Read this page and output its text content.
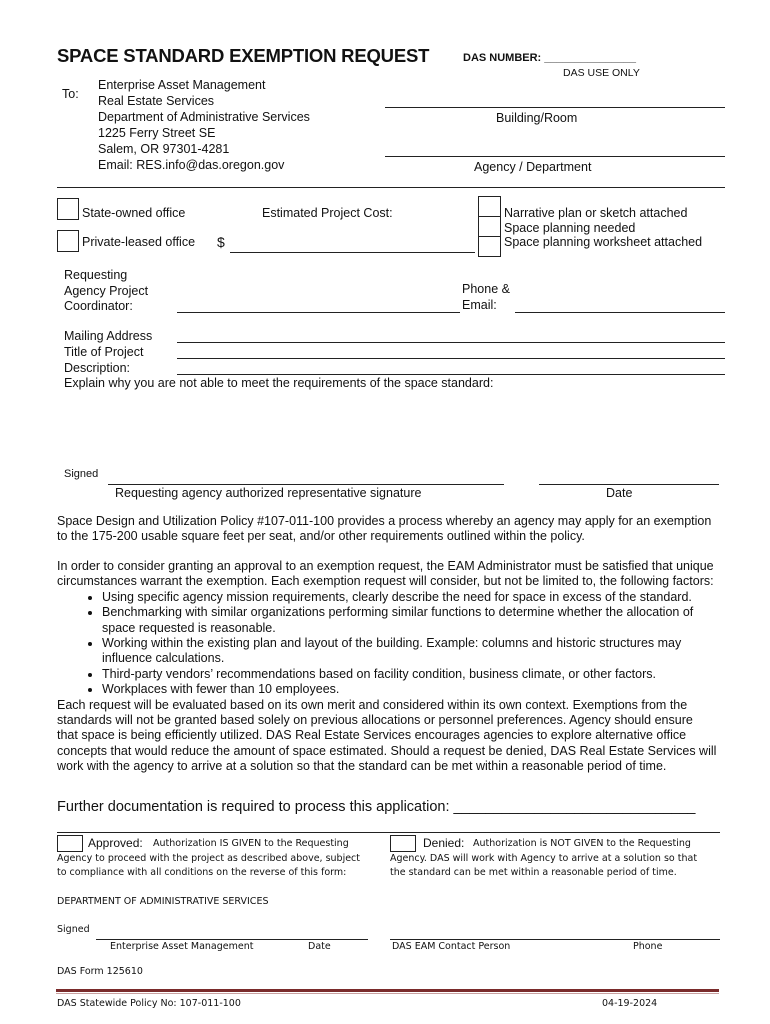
SPACE STANDARD EXEMPTION REQUEST	DAS NUMBER: _______________
DAS USE ONLY
To:
Enterprise Asset Management
Real Estate Services
Department of Administrative Services
1225 Ferry Street SE
Salem, OR 97301-4281
Email: RES.info@das.oregon.gov
Building/Room
Agency / Department
State-owned office
Private-leased office
Estimated Project Cost:
$
Narrative plan or sketch attached
Space planning needed
Space planning worksheet attached
Requesting
Agency Project
Coordinator:
Phone &
Email:
Mailing Address
Title of Project
Description:
Explain why you are not able to meet the requirements of the space standard:
Signed
Requesting agency authorized representative signature	Date
Space Design and Utilization Policy #107-011-100 provides a process whereby an agency may apply for an exemption to the 175-200 usable square feet per seat, and/or other requirements outlined within the policy.
In order to consider granting an approval to an exemption request, the EAM Administrator must be satisfied that unique circumstances warrant the exemption. Each exemption request will consider, but not be limited to, the following factors:
• Using specific agency mission requirements, clearly describe the need for space in excess of the standard.
• Benchmarking with similar organizations performing similar functions to determine whether the allocation of space requested is reasonable.
• Working within the existing plan and layout of the building. Example: columns and historic structures may influence calculations.
• Third-party vendors’ recommendations based on facility condition, business climate, or other factors.
• Workplaces with fewer than 10 employees.
Each request will be evaluated based on its own merit and considered within its own context. Exemptions from the standards will not be granted based solely on previous allocations or personnel preferences. Agency should ensure that space is being efficiently utilized. DAS Real Estate Services encourages agencies to explore alternative office concepts that would reduce the amount of space estimated. Should a request be denied, DAS Real Estate Services will work with the agency to arrive at a solution so that the standard can be met within a reasonable period of time.
Further documentation is required to process this application: ______________________________
Approved: Authorization IS GIVEN to the Requesting
Agency to proceed with the project as described above, subject
to compliance with all conditions on the reverse of this form:
Denied: Authorization is NOT GIVEN to the Requesting
Agency. DAS will work with Agency to arrive at a solution so that
the standard can be met within a reasonable period of time.
DEPARTMENT OF ADMINISTRATIVE SERVICES
Signed
Enterprise Asset Management	Date	DAS EAM Contact Person	Phone
DAS Form 125610
DAS Statewide Policy No: 107-011-100	04-19-2024
